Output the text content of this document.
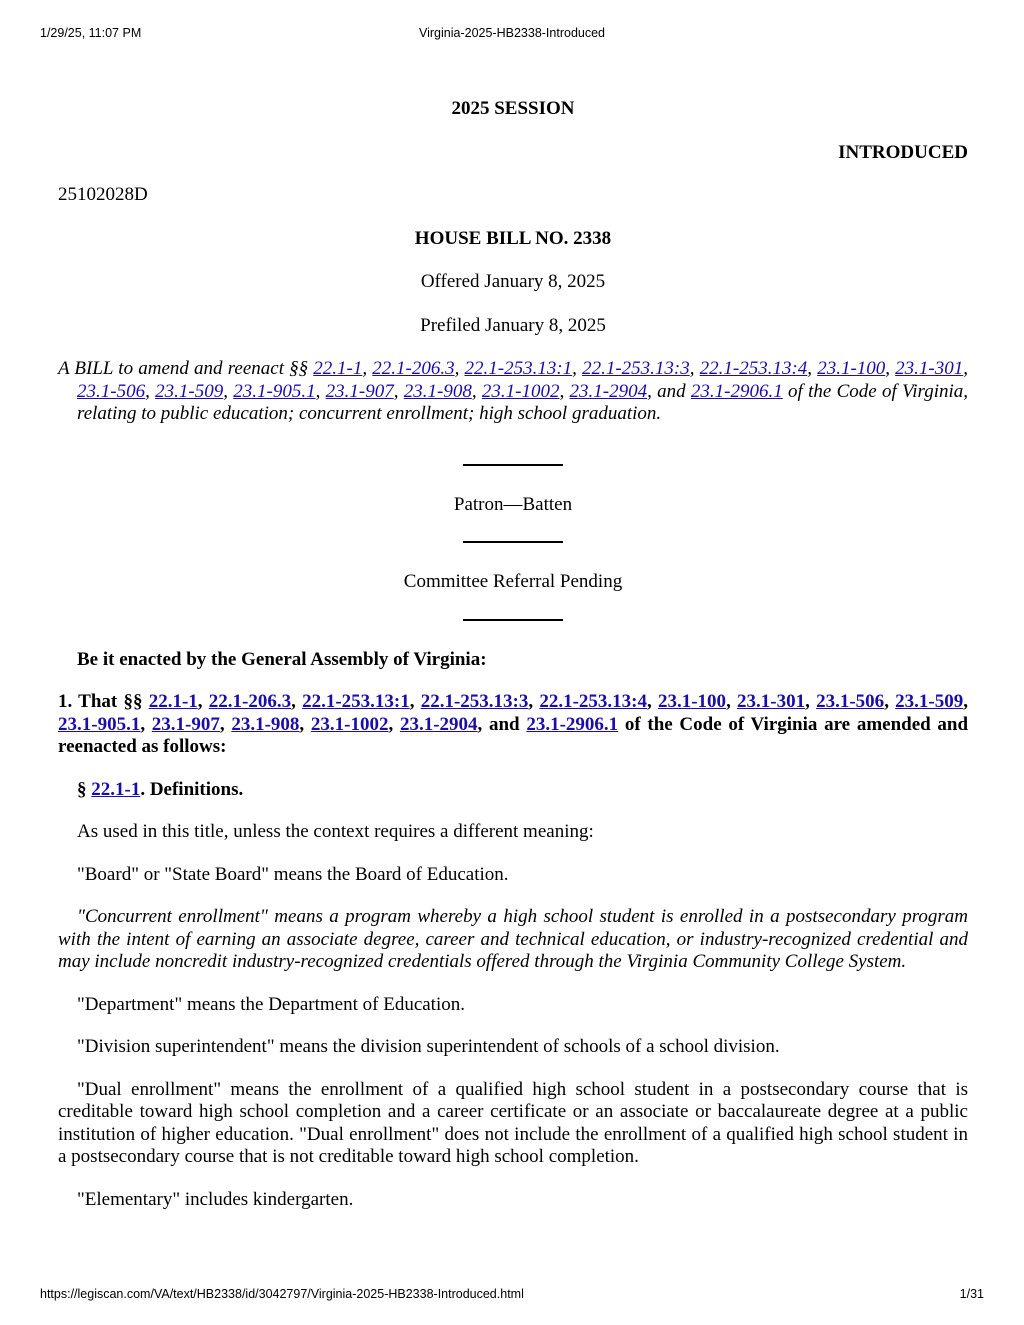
1/29/25, 11:07 PM	Virginia-2025-HB2338-Introduced

2025 SESSION

INTRODUCED

25102028D

HOUSE BILL NO. 2338

Offered January 8, 2025

Prefiled January 8, 2025

A BILL to amend and reenact §§ 22.1-1, 22.1-206.3, 22.1-253.13:1, 22.1-253.13:3, 22.1-253.13:4, 23.1-100, 23.1-301, 23.1-506, 23.1-509, 23.1-905.1, 23.1-907, 23.1-908, 23.1-1002, 23.1-2904, and 23.1-2906.1 of the Code of Virginia, relating to public education; concurrent enrollment; high school graduation.

Patron—Batten

Committee Referral Pending

Be it enacted by the General Assembly of Virginia:

1. That §§ 22.1-1, 22.1-206.3, 22.1-253.13:1, 22.1-253.13:3, 22.1-253.13:4, 23.1-100, 23.1-301, 23.1-506, 23.1-509, 23.1-905.1, 23.1-907, 23.1-908, 23.1-1002, 23.1-2904, and 23.1-2906.1 of the Code of Virginia are amended and reenacted as follows:

§ 22.1-1. Definitions.

As used in this title, unless the context requires a different meaning:

"Board" or "State Board" means the Board of Education.

"Concurrent enrollment" means a program whereby a high school student is enrolled in a postsecondary program with the intent of earning an associate degree, career and technical education, or industry-recognized credential and may include noncredit industry-recognized credentials offered through the Virginia Community College System.

"Department" means the Department of Education.

"Division superintendent" means the division superintendent of schools of a school division.

"Dual enrollment" means the enrollment of a qualified high school student in a postsecondary course that is creditable toward high school completion and a career certificate or an associate or baccalaureate degree at a public institution of higher education. "Dual enrollment" does not include the enrollment of a qualified high school student in a postsecondary course that is not creditable toward high school completion.

"Elementary" includes kindergarten.

https://legiscan.com/VA/text/HB2338/id/3042797/Virginia-2025-HB2338-Introduced.html	1/31
